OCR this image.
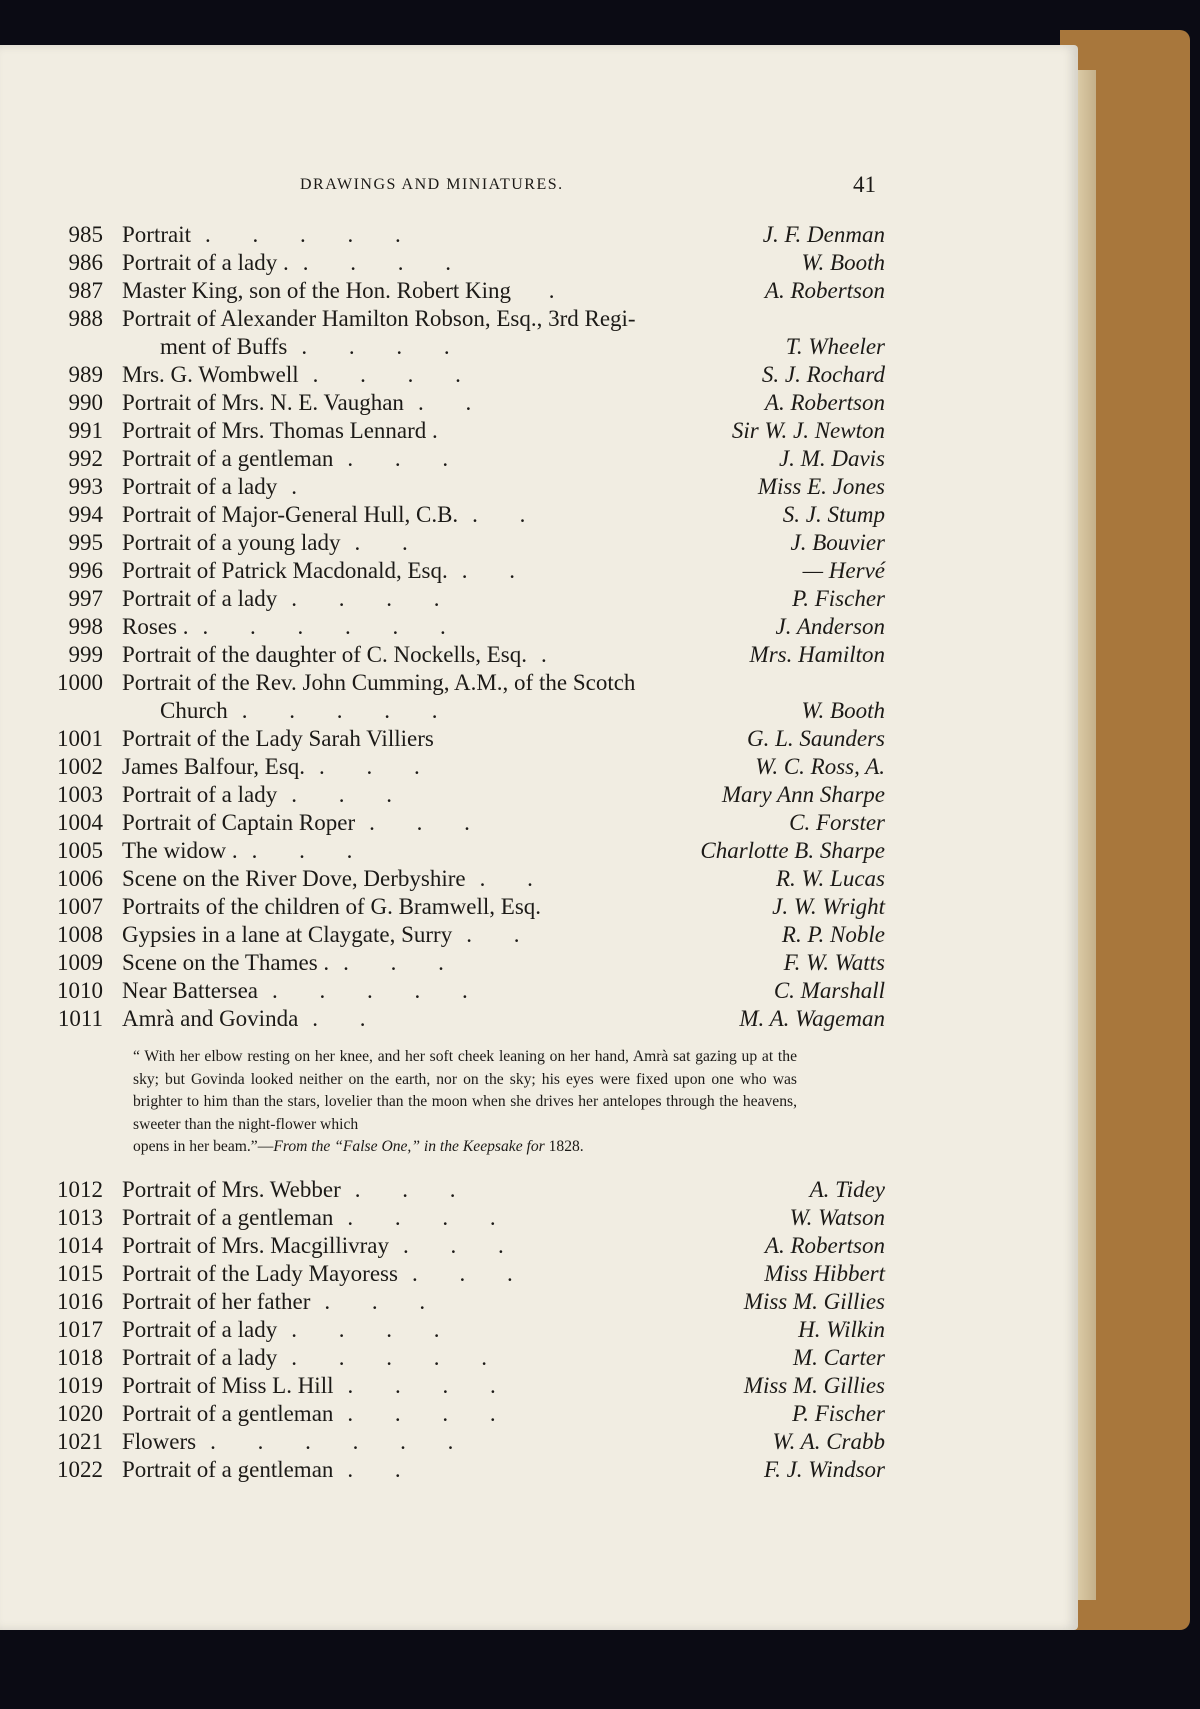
DRAWINGS AND MINIATURES.	41
985 Portrait . . . . .	J. F. Denman
986 Portrait of a lady . . . . .	W. Booth
987 Master King, son of the Hon. Robert King .	A. Robertson
988 Portrait of Alexander Hamilton Robson, Esq., 3rd Regi-
ment of Buffs . . . .	T. Wheeler
989 Mrs. G. Wombwell . . . .	S. J. Rochard
990 Portrait of Mrs. N. E. Vaughan . .	A. Robertson
991 Portrait of Mrs. Thomas Lennard .	Sir W. J. Newton
992 Portrait of a gentleman . . .	J. M. Davis
993 Portrait of a lady .	Miss E. Jones
994 Portrait of Major-General Hull, C.B. . .	S. J. Stump
995 Portrait of a young lady . .	J. Bouvier
996 Portrait of Patrick Macdonald, Esq. . .	— Hervé
997 Portrait of a lady . . . .	P. Fischer
998 Roses . . . . . . .	J. Anderson
999 Portrait of the daughter of C. Nockells, Esq. .	Mrs. Hamilton
1000 Portrait of the Rev. John Cumming, A.M., of the Scotch
Church . . . . .	W. Booth
1001 Portrait of the Lady Sarah Villiers	G. L. Saunders
1002 James Balfour, Esq. . . .	W. C. Ross, A.
1003 Portrait of a lady . . .	Mary Ann Sharpe
1004 Portrait of Captain Roper . . .	C. Forster
1005 The widow . . . .	Charlotte B. Sharpe
1006 Scene on the River Dove, Derbyshire . .	R. W. Lucas
1007 Portraits of the children of G. Bramwell, Esq.	J. W. Wright
1008 Gypsies in a lane at Claygate, Surry . .	R. P. Noble
1009 Scene on the Thames . . . .	F. W. Watts
1010 Near Battersea . . . . .	C. Marshall
1011 Amrà and Govinda . .	M. A. Wageman

“ With her elbow resting on her knee, and her soft cheek leaning on her hand, Amrà sat gazing up at the sky; but Govinda looked neither on the earth, nor on the sky; his eyes were fixed upon one who was brighter to him than the stars, lovelier than the moon when she drives her antelopes through the heavens, sweeter than the night-flower which

opens in her beam.”—From the “False One,” in the Keepsake for 1828.

1012 Portrait of Mrs. Webber . . .	A. Tidey
1013 Portrait of a gentleman . . . .	W. Watson
1014 Portrait of Mrs. Macgillivray . . .	A. Robertson
1015 Portrait of the Lady Mayoress . . .	Miss Hibbert
1016 Portrait of her father . . .	Miss M. Gillies
1017 Portrait of a lady . . . .	H. Wilkin
1018 Portrait of a lady . . . . .	M. Carter
1019 Portrait of Miss L. Hill . . . .	Miss M. Gillies
1020 Portrait of a gentleman . . . .	P. Fischer
1021 Flowers . . . . . .	W. A. Crabb
1022 Portrait of a gentleman . .	F. J. Windsor
